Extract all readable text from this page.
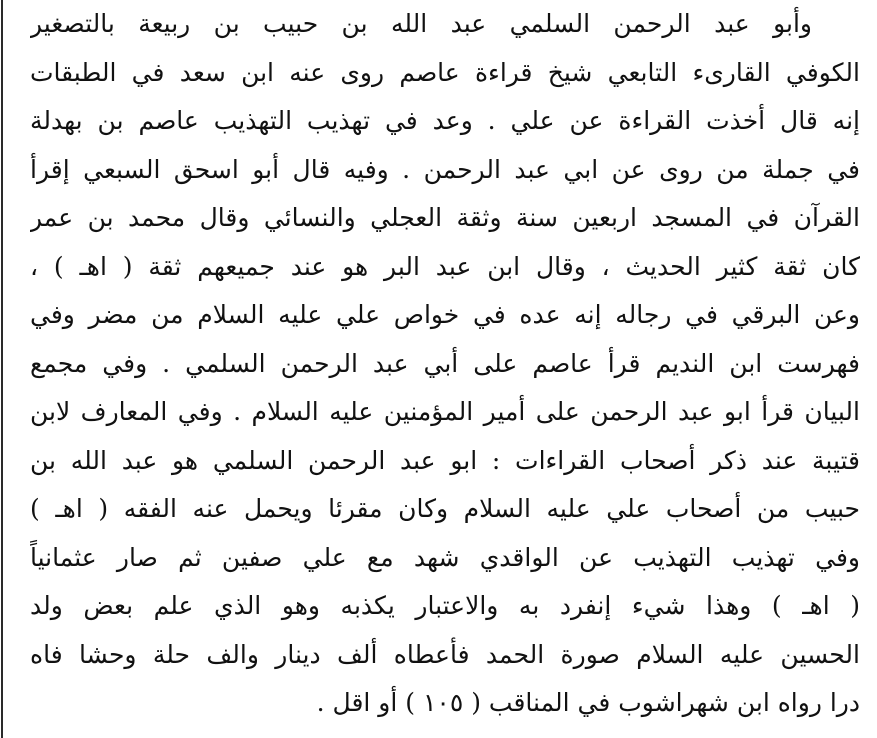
وأبو عبد الرحمن السلمي عبد الله بن حبيب بن ربيعة بالتصغير
الكوفي القارىء التابعي شيخ قراءة عاصم روى عنه ابن سعد في الطبقات
إنه قال أخذت القراءة عن علي . وعد في تهذيب التهذيب عاصم بن بهدلة
في جملة من روى عن ابي عبد الرحمن . وفيه قال أبو اسحق السبعي إقرأ
القرآن في المسجد اربعين سنة وثقة العجلي والنسائي وقال محمد بن عمر
كان ثقة كثير الحديث ، وقال ابن عبد البر هو عند جميعهم ثقة ( اهـ ) ،
وعن البرقي في رجاله إنه عده في خواص علي عليه السلام من مضر وفي
فهرست ابن النديم قرأ عاصم على أبي عبد الرحمن السلمي . وفي مجمع
البيان قرأ ابو عبد الرحمن على أمير المؤمنين عليه السلام . وفي المعارف لابن
قتيبة عند ذكر أصحاب القراءات : ابو عبد الرحمن السلمي هو عبد الله بن
حبيب من أصحاب علي عليه السلام وكان مقرئا ويحمل عنه الفقه ( اهـ )
وفي تهذيب التهذيب عن الواقدي شهد مع علي صفين ثم صار عثمانياً
( اهـ ) وهذا شيء إنفرد به والاعتبار يكذبه وهو الذي علم بعض ولد
الحسين عليه السلام صورة الحمد فأعطاه ألف دينار والف حلة وحشا فاه
درا رواه ابن شهراشوب في المناقب ( ١٠٥ ) أو اقل .
